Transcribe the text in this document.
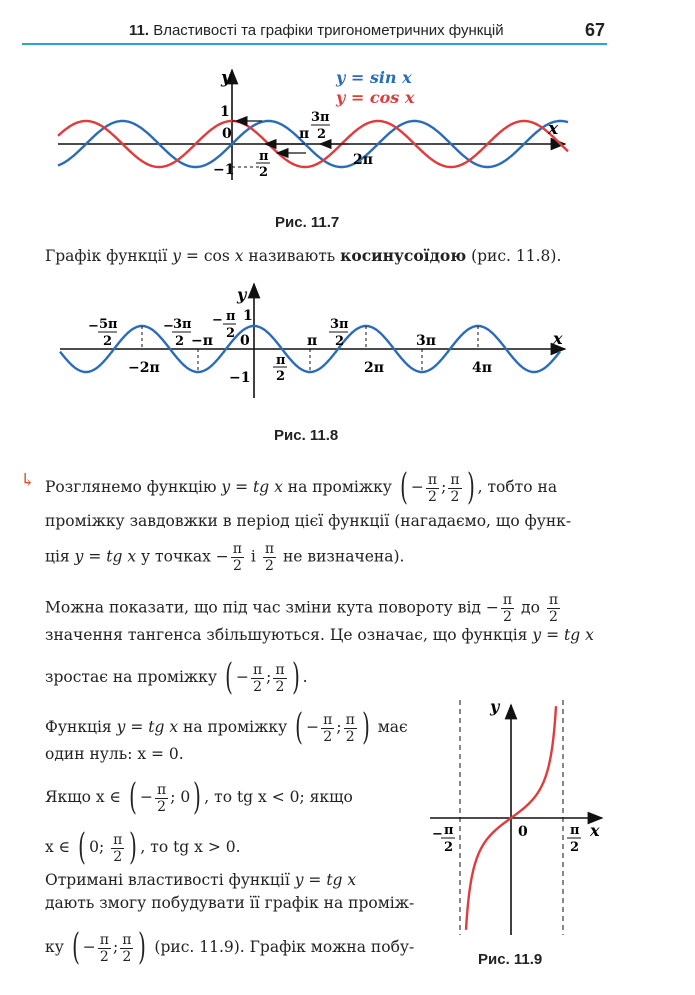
11. Властивості та графіки тригонометричних функцій	67
y
x
1
−1
0	π
3π
2
2π
π
2
y = sin x
y = cos x
Рис. 11.7
Графік функції y = cos x називають косинусоїдою (рис. 11.8).
y
x
1
−1
0
− 5π
2
− 3π
2 −π
− π
2
−2π
π
3π
2
2π
3π
4π
π
2
Рис. 11.8
↳ Розглянемо функцію y = tg x на проміжку ( − $\frac{\pi}{2}$ ; $\frac{\pi}{2}$ ) , тобто на
проміжку завдовжки в період цієї функції (нагадаємо, що функ-
ція y = tg x у точках − $\frac{\pi}{2}$ і $\frac{\pi}{2}$ не визначена).
Можна показати, що під час зміни кута повороту від − $\frac{\pi}{2}$ до $\frac{\pi}{2}$
значення тангенса збільшуються. Це означає, що функція y = tg x
зростає на проміжку ( − $\frac{\pi}{2}$ ; $\frac{\pi}{2}$ ) .
Функція y = tg x на проміжку ( − $\frac{\pi}{2}$ ; $\frac{\pi}{2}$ ) має
один нуль: x = 0.
Якщо x ∈ ( − $\frac{\pi}{2}$ ; 0) , то tg x < 0; якщо
x ∈ ( 0; $\frac{\pi}{2}$ ) , то tg x > 0.
Отримані властивості функції y = tg x
дають змогу побудувати її графік на проміж-
ку ( − $\frac{\pi}{2}$ ; $\frac{\pi}{2}$ ) (рис. 11.9). Графік можна побу-
y
x
0
− π
2
π
2
Рис. 11.9
